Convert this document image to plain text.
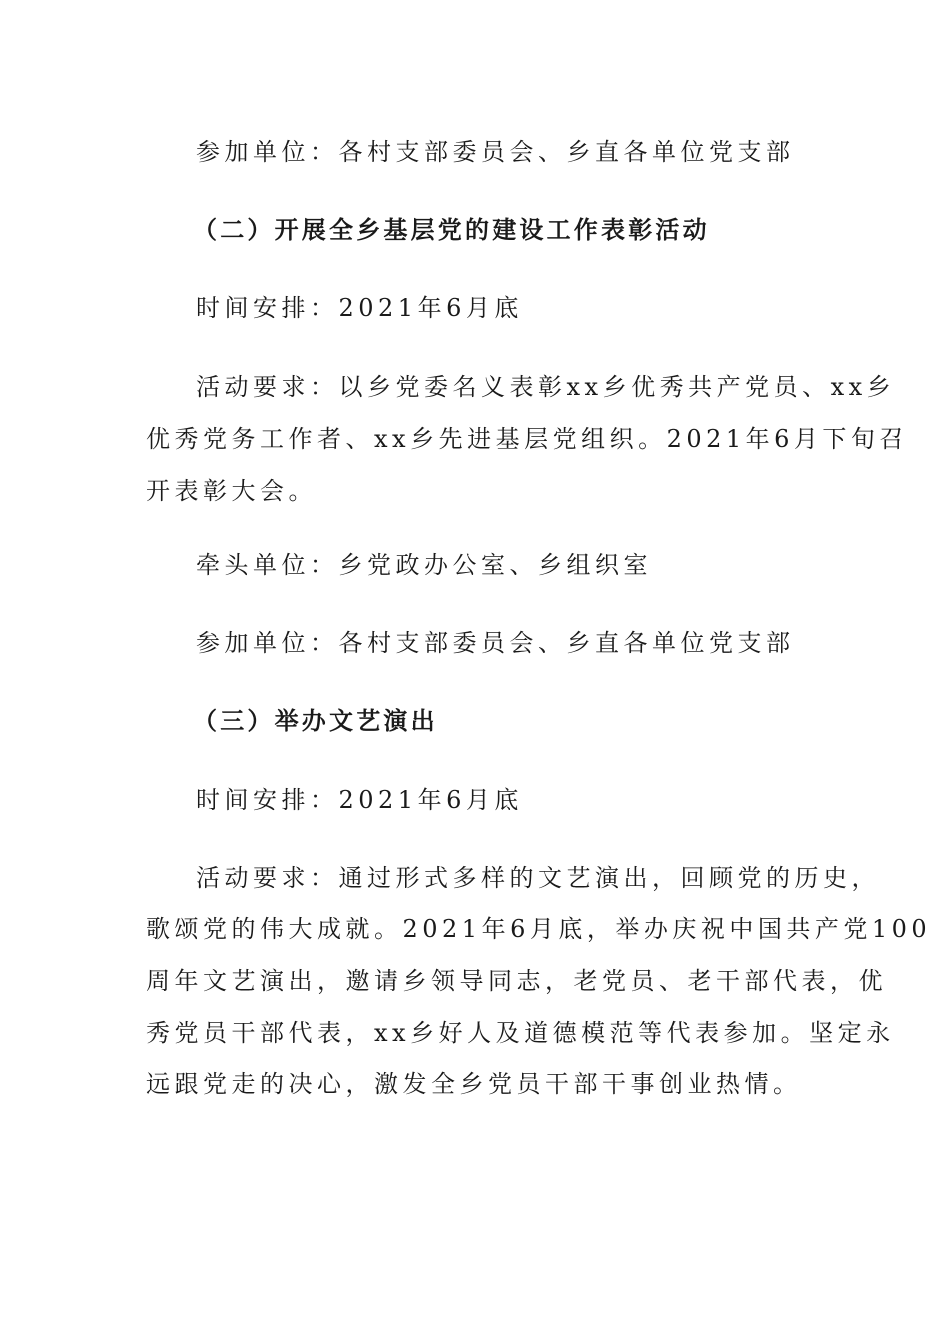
参加单位：各村支部委员会、乡直各单位党支部
（二）开展全乡基层党的建设工作表彰活动
时间安排：2021年6月底
活动要求：以乡党委名义表彰xx乡优秀共产党员、xx乡
优秀党务工作者、xx乡先进基层党组织。2021年6月下旬召
开表彰大会。
牵头单位：乡党政办公室、乡组织室
参加单位：各村支部委员会、乡直各单位党支部
（三）举办文艺演出
时间安排：2021年6月底
活动要求：通过形式多样的文艺演出，回顾党的历史，
歌颂党的伟大成就。2021年6月底，举办庆祝中国共产党100
周年文艺演出，邀请乡领导同志，老党员、老干部代表，优
秀党员干部代表，xx乡好人及道德模范等代表参加。坚定永
远跟党走的决心，激发全乡党员干部干事创业热情。
